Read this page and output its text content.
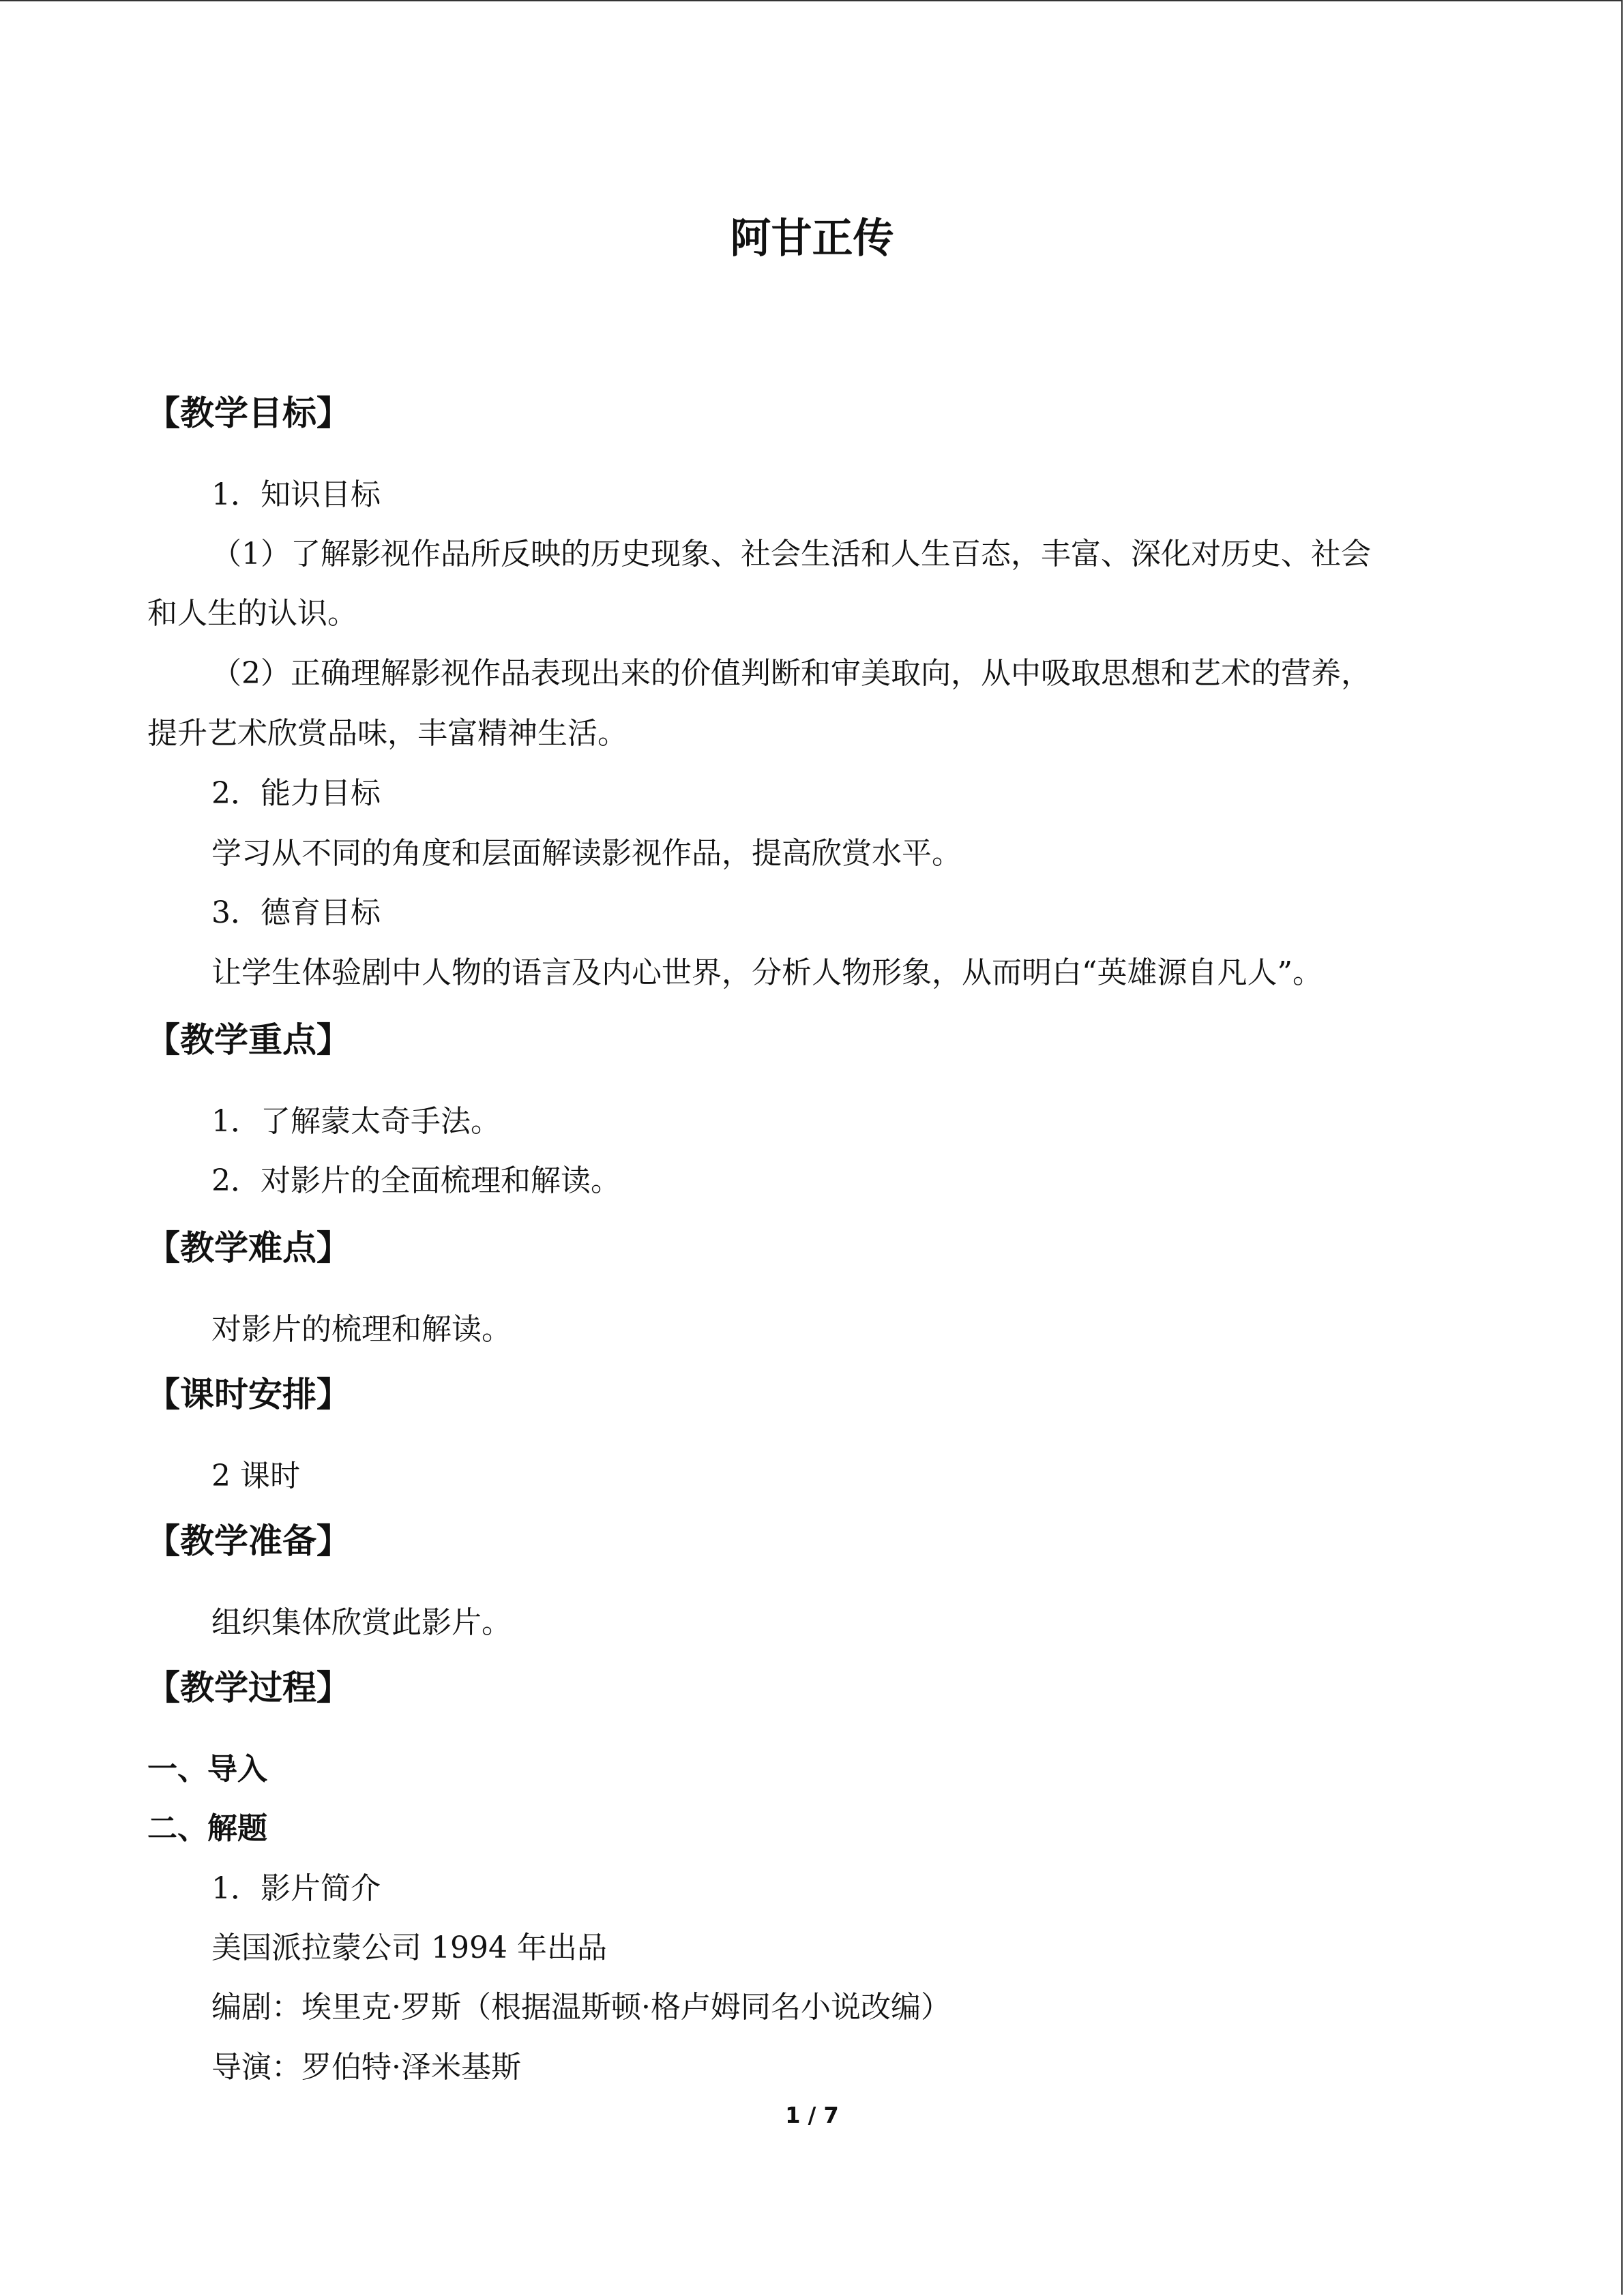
阿甘正传
【教学目标】
1．知识目标
（1）了解影视作品所反映的历史现象、社会生活和人生百态，丰富、深化对历史、社会
和人生的认识。
（2）正确理解影视作品表现出来的价值判断和审美取向，从中吸取思想和艺术的营养，
提升艺术欣赏品味，丰富精神生活。
2．能力目标
学习从不同的角度和层面解读影视作品，提高欣赏水平。
3．德育目标
让学生体验剧中人物的语言及内心世界，分析人物形象，从而明白“英雄源自凡人”。
【教学重点】
1．了解蒙太奇手法。
2．对影片的全面梳理和解读。
【教学难点】
对影片的梳理和解读。
【课时安排】
2 课时
【教学准备】
组织集体欣赏此影片。
【教学过程】
一、导入
二、解题
1．影片简介
美国派拉蒙公司 1994 年出品
编剧：埃里克·罗斯（根据温斯顿·格卢姆同名小说改编）
导演：罗伯特·泽米基斯
1 / 7
